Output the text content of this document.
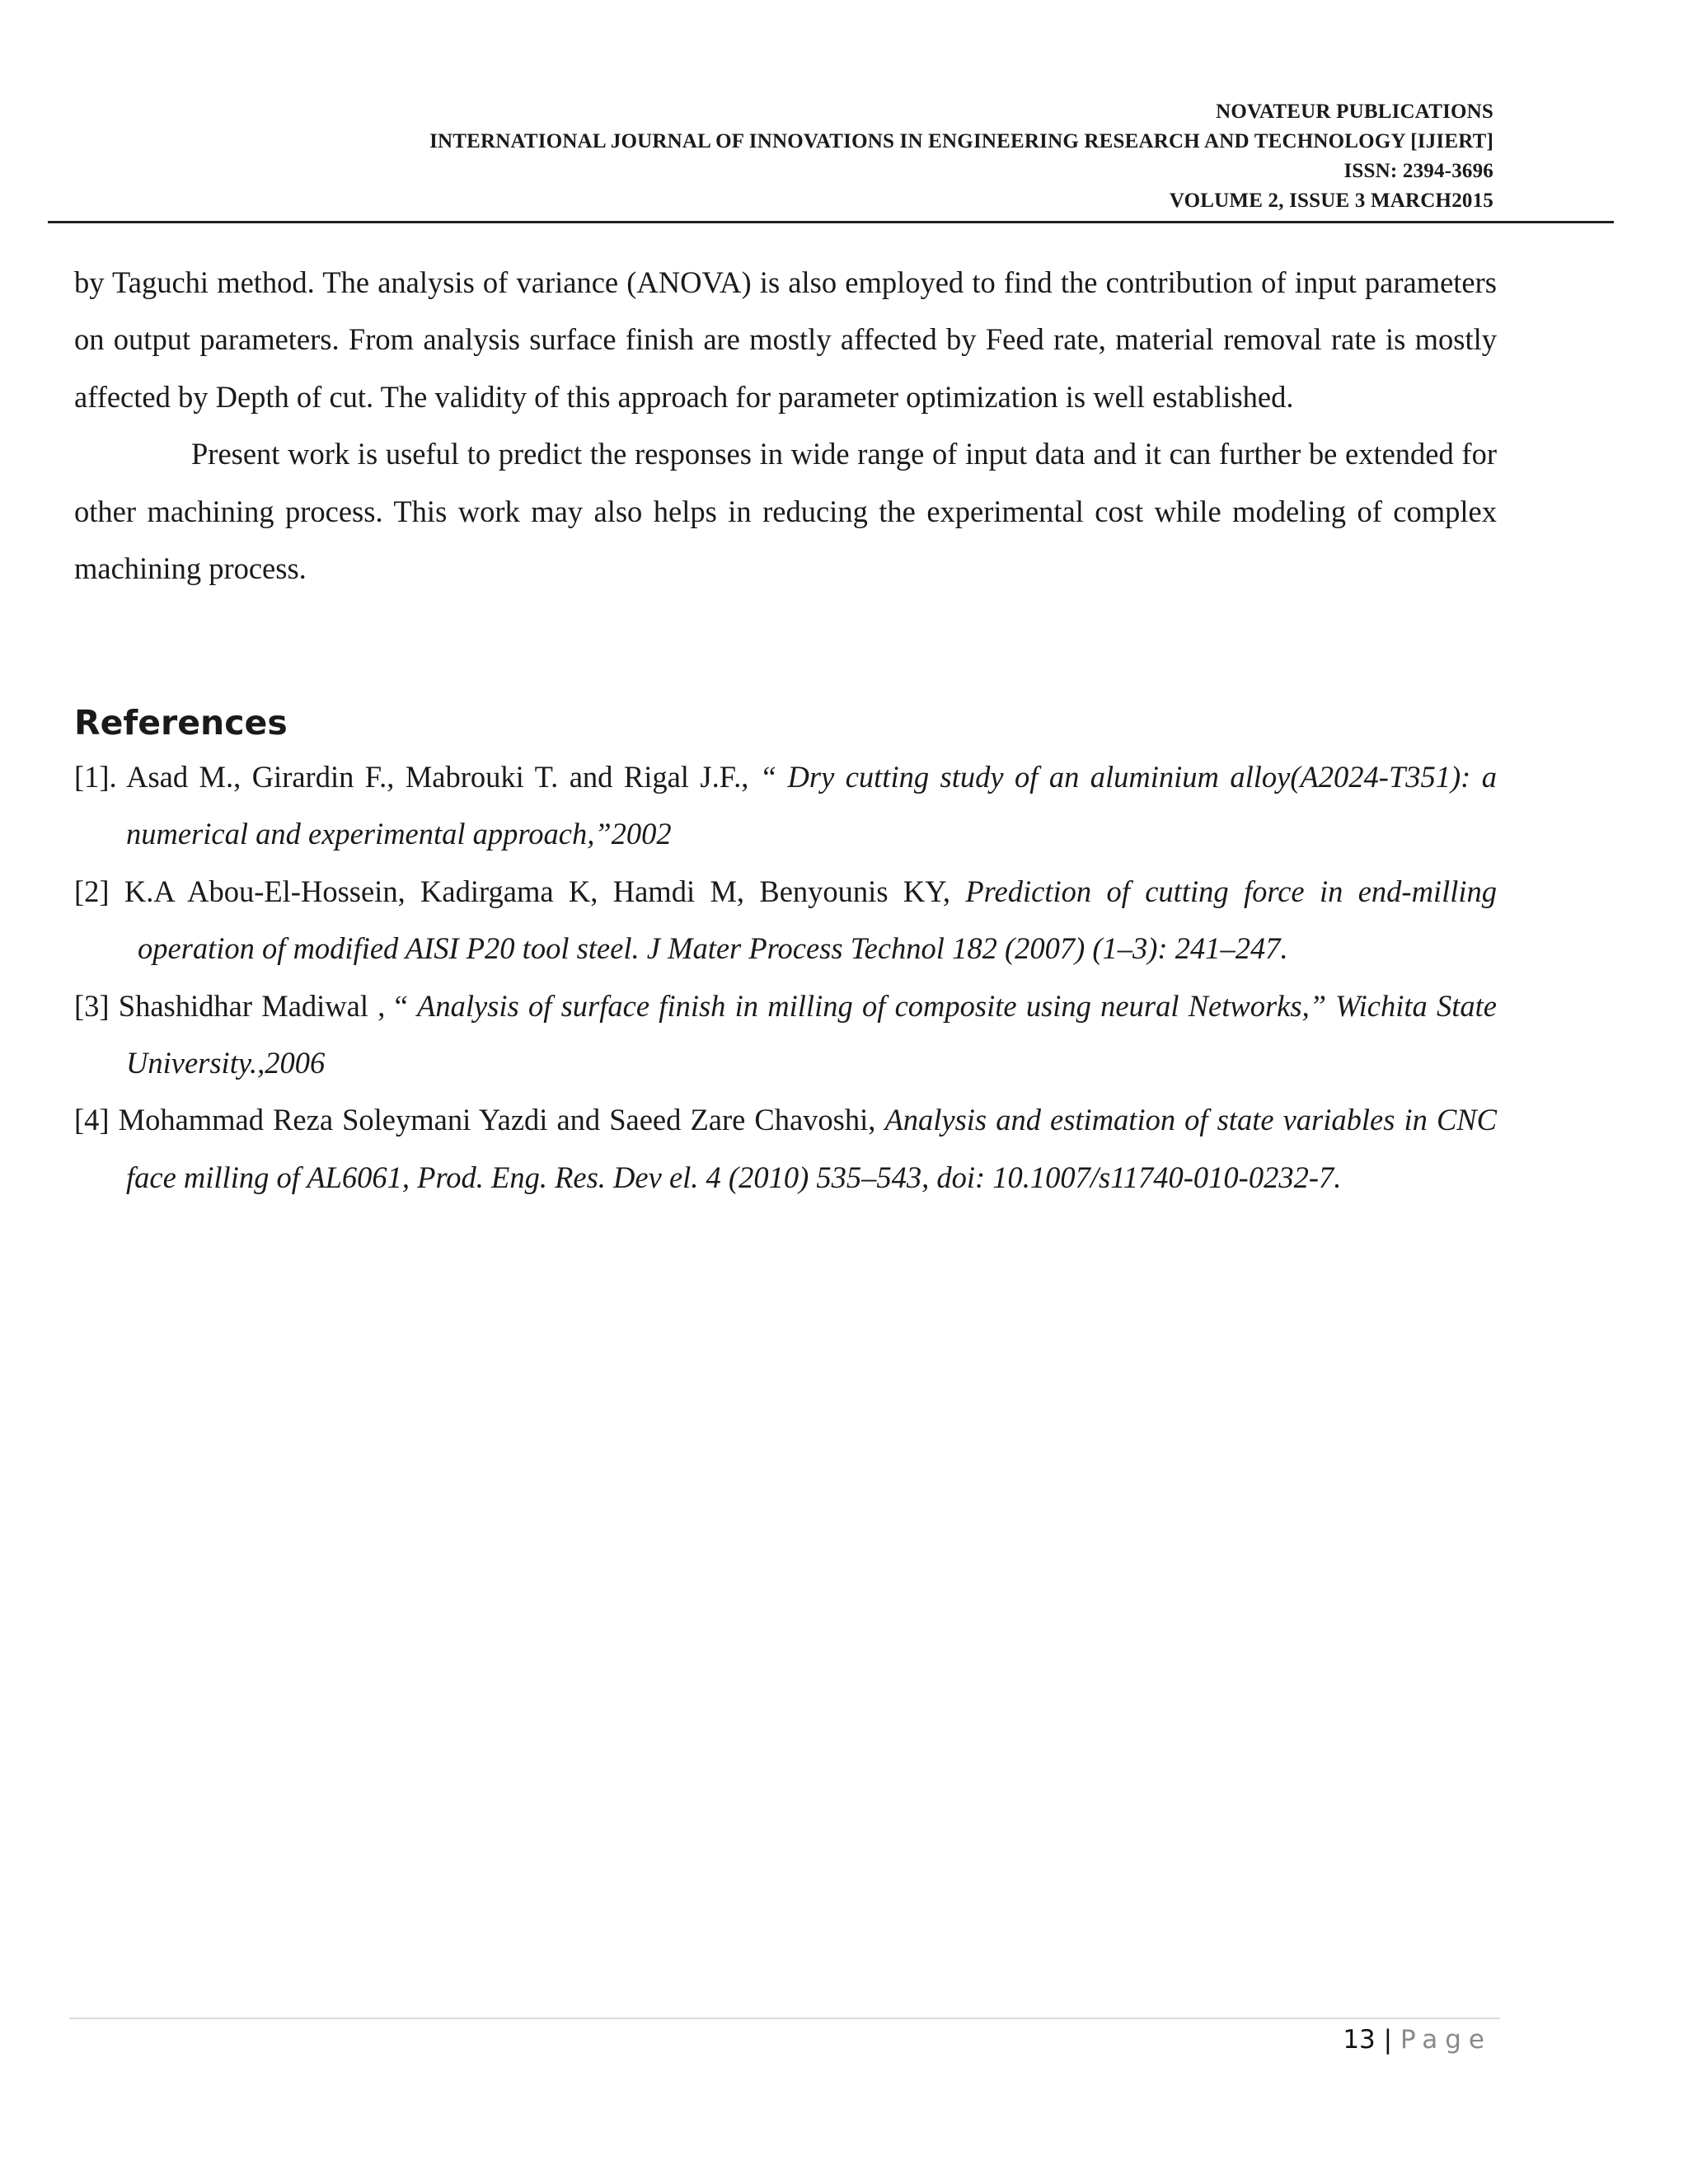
NOVATEUR PUBLICATIONS
INTERNATIONAL JOURNAL OF INNOVATIONS IN ENGINEERING RESEARCH AND TECHNOLOGY [IJIERT]
ISSN: 2394-3696
VOLUME 2, ISSUE 3 MARCH2015

by Taguchi method. The analysis of variance (ANOVA) is also employed to find the contribution of input parameters on output parameters. From analysis surface finish are mostly affected by Feed rate, material removal rate is mostly affected by Depth of cut. The validity of this approach for parameter optimization is well established.

Present work is useful to predict the responses in wide range of input data and it can further be extended for other machining process. This work may also helps in reducing the experimental cost while modeling of complex machining process.

References

[1]. Asad M., Girardin F., Mabrouki T. and Rigal J.F., “ Dry cutting study of an aluminium alloy(A2024-T351): a numerical and experimental approach,”2002

[2] K.A Abou-El-Hossein, Kadirgama K, Hamdi M, Benyounis KY, Prediction of cutting force in end-milling operation of modified AISI P20 tool steel. J Mater Process Technol 182 (2007) (1–3): 241–247.

[3] Shashidhar Madiwal , “ Analysis of surface finish in milling of composite using neural Networks,” Wichita State University.,2006

[4] Mohammad Reza Soleymani Yazdi and Saeed Zare Chavoshi, Analysis and estimation of state variables in CNC face milling of AL6061, Prod. Eng. Res. Dev el. 4 (2010) 535–543, doi: 10.1007/s11740-010-0232-7.

13 | Page
